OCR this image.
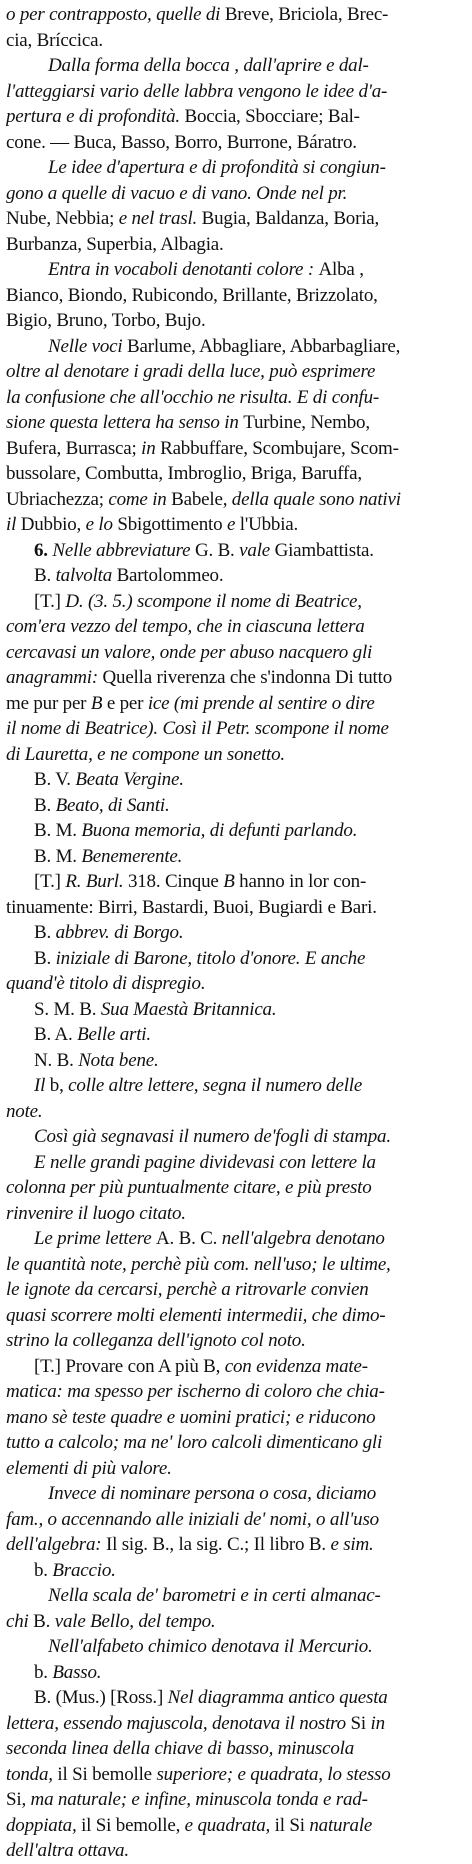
o per contrapposto, quelle di Breve, Briciola, Brec-
cia, Bríccica.
Dalla forma della bocca , dall'aprire e dal-
l'atteggiarsi vario delle labbra vengono le idee d'a-
pertura e di profondità. Boccia, Sbocciare; Bal-
cone. — Buca, Basso, Borro, Burrone, Báratro.
Le idee d'apertura e di profondità si congiun-
gono a quelle di vacuo e di vano. Onde nel pr.
Nube, Nebbia; e nel trasl. Bugia, Baldanza, Boria,
Burbanza, Superbia, Albagia.
Entra in vocaboli denotanti colore : Alba ,
Bianco, Biondo, Rubicondo, Brillante, Brizzolato,
Bigio, Bruno, Torbo, Bujo.
Nelle voci Barlume, Abbagliare, Abbarbagliare,
oltre al denotare i gradi della luce, può esprimere
la confusione che all'occhio ne risulta. E di confu-
sione questa lettera ha senso in Turbine, Nembo,
Bufera, Burrasca; in Rabbuffare, Scombujare, Scom-
bussolare, Combutta, Imbroglio, Briga, Baruffa,
Ubriachezza; come in Babele, della quale sono nativi
il Dubbio, e lo Sbigottimento e l'Ubbia.
6. Nelle abbreviature G. B. vale Giambattista.
B. talvolta Bartolommeo.
[T.] D. (3. 5.) scompone il nome di Beatrice,
com'era vezzo del tempo, che in ciascuna lettera
cercavasi un valore, onde per abuso nacquero gli
anagrammi: Quella riverenza che s'indonna Di tutto
me pur per B e per ice (mi prende al sentire o dire
il nome di Beatrice). Così il Petr. scompone il nome
di Lauretta, e ne compone un sonetto.
B. V. Beata Vergine.
B. Beato, di Santi.
B. M. Buona memoria, di defunti parlando.
B. M. Benemerente.
[T.] R. Burl. 318. Cinque B hanno in lor con-
tinuamente: Birri, Bastardi, Buoi, Bugiardi e Bari.
B. abbrev. di Borgo.
B. iniziale di Barone, titolo d'onore. E anche
quand'è titolo di dispregio.
S. M. B. Sua Maestà Britannica.
B. A. Belle arti.
N. B. Nota bene.
Il b, colle altre lettere, segna il numero delle
note.
Così già segnavasi il numero de'fogli di stampa.
E nelle grandi pagine dividevasi con lettere la
colonna per più puntualmente citare, e più presto
rinvenire il luogo citato.
Le prime lettere A. B. C. nell'algebra denotano
le quantità note, perchè più com. nell'uso; le ultime,
le ignote da cercarsi, perchè a ritrovarle convien
quasi scorrere molti elementi intermedii, che dimo-
strino la colleganza dell'ignoto col noto.
[T.] Provare con A più B, con evidenza mate-
matica: ma spesso per ischerno di coloro che chia-
mano sè teste quadre e uomini pratici; e riducono
tutto a calcolo; ma ne' loro calcoli dimenticano gli
elementi di più valore.
Invece di nominare persona o cosa, diciamo
fam., o accennando alle iniziali de' nomi, o all'uso
dell'algebra: Il sig. B., la sig. C.; Il libro B. e sim.
b. Braccio.
Nella scala de' barometri e in certi almanac-
chi B. vale Bello, del tempo.
Nell'alfabeto chimico denotava il Mercurio.
b. Basso.
B. (Mus.) [Ross.] Nel diagramma antico questa
lettera, essendo majuscola, denotava il nostro Si in
seconda linea della chiave di basso, minuscola
tonda, il Si bemolle superiore; e quadrata, lo stesso
Si, ma naturale; e infine, minuscola tonda e rad-
doppiata, il Si bemolle, e quadrata, il Si naturale
dell'altra ottava.
